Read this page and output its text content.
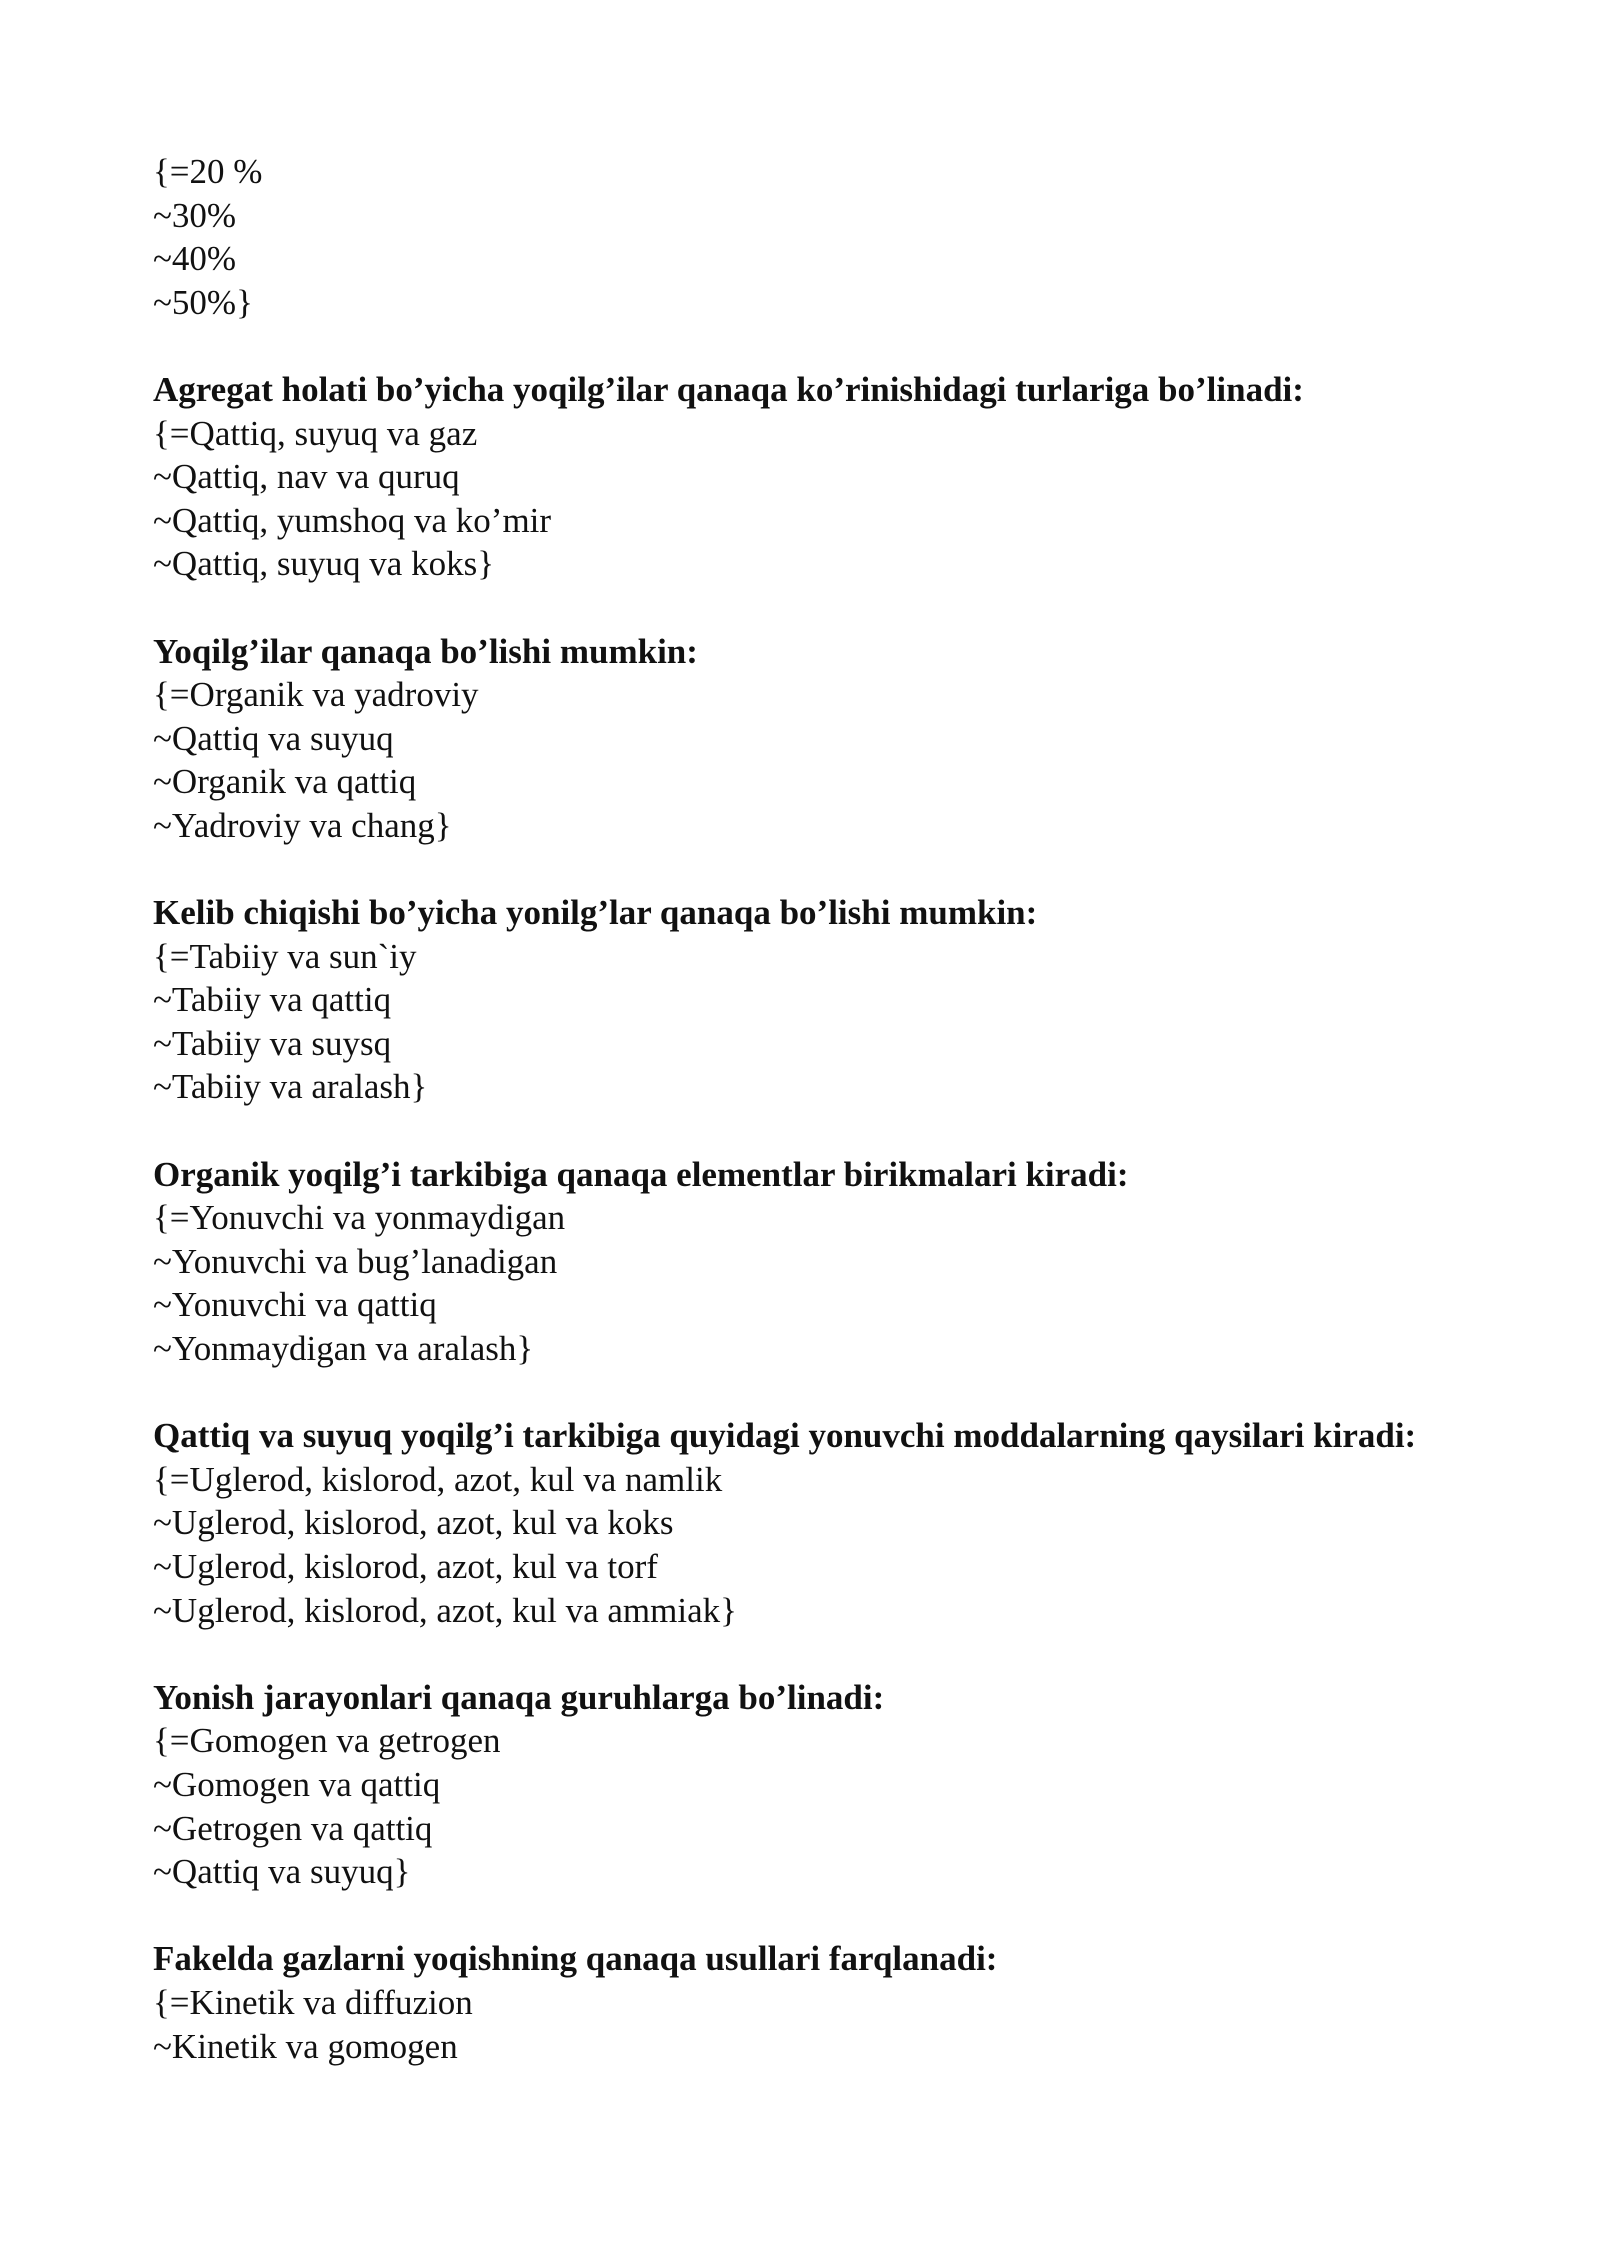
{=20 %
~30%
~40%
~50%}
Agregat holati bo’yicha yoqilg’ilar qanaqa ko’rinishidagi turlariga bo’linadi:
{=Qattiq, suyuq va gaz
~Qattiq, nav va quruq
~Qattiq, yumshoq va ko’mir
~Qattiq, suyuq va koks}
Yoqilg’ilar qanaqa bo’lishi mumkin:
{=Organik va yadroviy
~Qattiq va suyuq
~Organik va qattiq
~Yadroviy va chang}
Kelib chiqishi bo’yicha yonilg’lar qanaqa bo’lishi mumkin:
{=Tabiiy va sun`iy
~Tabiiy va qattiq
~Tabiiy va suysq
~Tabiiy va aralash}
Organik yoqilg’i tarkibiga qanaqa elementlar birikmalari kiradi:
{=Yonuvchi va yonmaydigan
~Yonuvchi va bug’lanadigan
~Yonuvchi va qattiq
~Yonmaydigan va aralash}
Qattiq va suyuq yoqilg’i tarkibiga quyidagi yonuvchi moddalarning qaysilari kiradi:
{=Uglerod, kislorod, azot, kul va namlik
~Uglerod, kislorod, azot, kul va koks
~Uglerod, kislorod, azot, kul va torf
~Uglerod, kislorod, azot, kul va ammiak}
Yonish jarayonlari qanaqa guruhlarga bo’linadi:
{=Gomogen va getrogen
~Gomogen va qattiq
~Getrogen va qattiq
~Qattiq va suyuq}
Fakelda gazlarni yoqishning qanaqa usullari farqlanadi:
{=Kinetik va diffuzion
~Kinetik va gomogen
